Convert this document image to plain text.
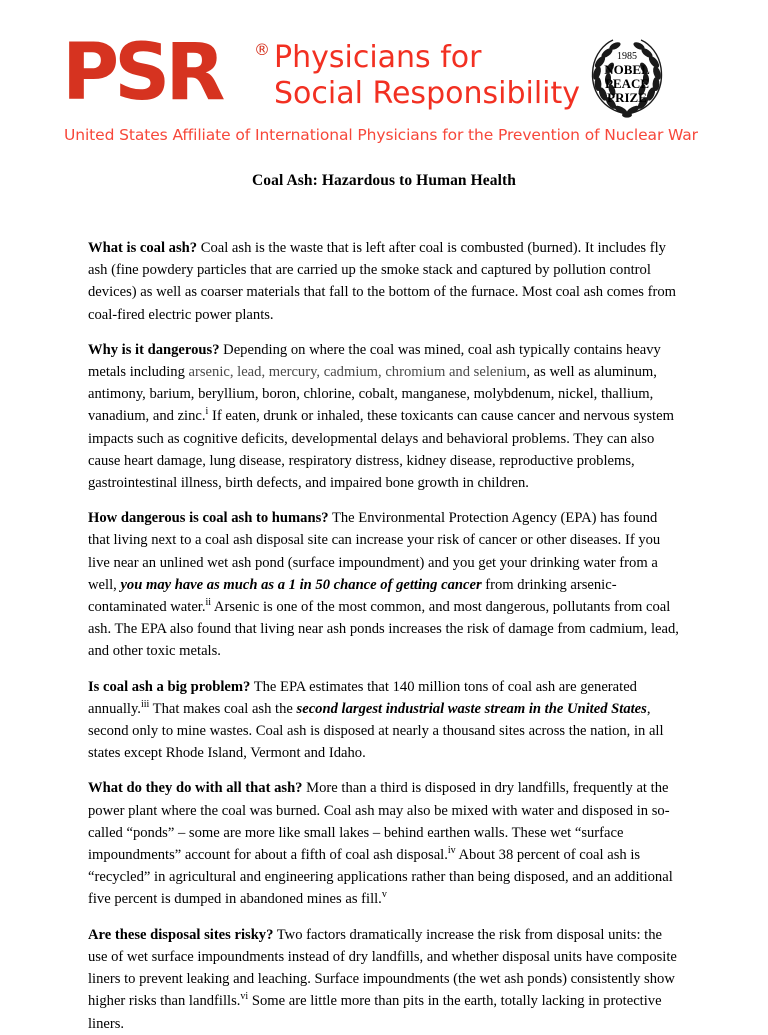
PSR ® Physicians for
Social Responsibility
1985
NOBEL
PEACE
PRIZE
United States Affiliate of International Physicians for the Prevention of Nuclear War
Coal Ash: Hazardous to Human Health

What is coal ash? Coal ash is the waste that is left after coal is combusted (burned). It includes fly ash (fine powdery particles that are carried up the smoke stack and captured by pollution control devices) as well as coarser materials that fall to the bottom of the furnace. Most coal ash comes from coal-fired electric power plants.

Why is it dangerous? Depending on where the coal was mined, coal ash typically contains heavy metals including arsenic, lead, mercury, cadmium, chromium and selenium, as well as aluminum, antimony, barium, beryllium, boron, chlorine, cobalt, manganese, molybdenum, nickel, thallium, vanadium, and zinc.$^i$ If eaten, drunk or inhaled, these toxicants can cause cancer and nervous system impacts such as cognitive deficits, developmental delays and behavioral problems. They can also cause heart damage, lung disease, respiratory distress, kidney disease, reproductive problems, gastrointestinal illness, birth defects, and impaired bone growth in children.

How dangerous is coal ash to humans? The Environmental Protection Agency (EPA) has found that living next to a coal ash disposal site can increase your risk of cancer or other diseases. If you live near an unlined wet ash pond (surface impoundment) and you get your drinking water from a well, you may have as much as a 1 in 50 chance of getting cancer from drinking arsenic-contaminated water.$^{ii}$ Arsenic is one of the most common, and most dangerous, pollutants from coal ash. The EPA also found that living near ash ponds increases the risk of damage from cadmium, lead, and other toxic metals.

Is coal ash a big problem? The EPA estimates that 140 million tons of coal ash are generated annually.$^{iii}$ That makes coal ash the second largest industrial waste stream in the United States, second only to mine wastes. Coal ash is disposed at nearly a thousand sites across the nation, in all states except Rhode Island, Vermont and Idaho.

What do they do with all that ash? More than a third is disposed in dry landfills, frequently at the power plant where the coal was burned. Coal ash may also be mixed with water and disposed in so-called “ponds” – some are more like small lakes – behind earthen walls. These wet “surface impoundments” account for about a fifth of coal ash disposal.$^{iv}$ About 38 percent of coal ash is “recycled” in agricultural and engineering applications rather than being disposed, and an additional five percent is dumped in abandoned mines as fill.$^v$

Are these disposal sites risky? Two factors dramatically increase the risk from disposal units: the use of wet surface impoundments instead of dry landfills, and whether disposal units have composite liners to prevent leaking and leaching. Surface impoundments (the wet ash ponds) consistently show higher risks than landfills.$^{vi}$ Some are little more than pits in the earth, totally lacking in protective liners.
